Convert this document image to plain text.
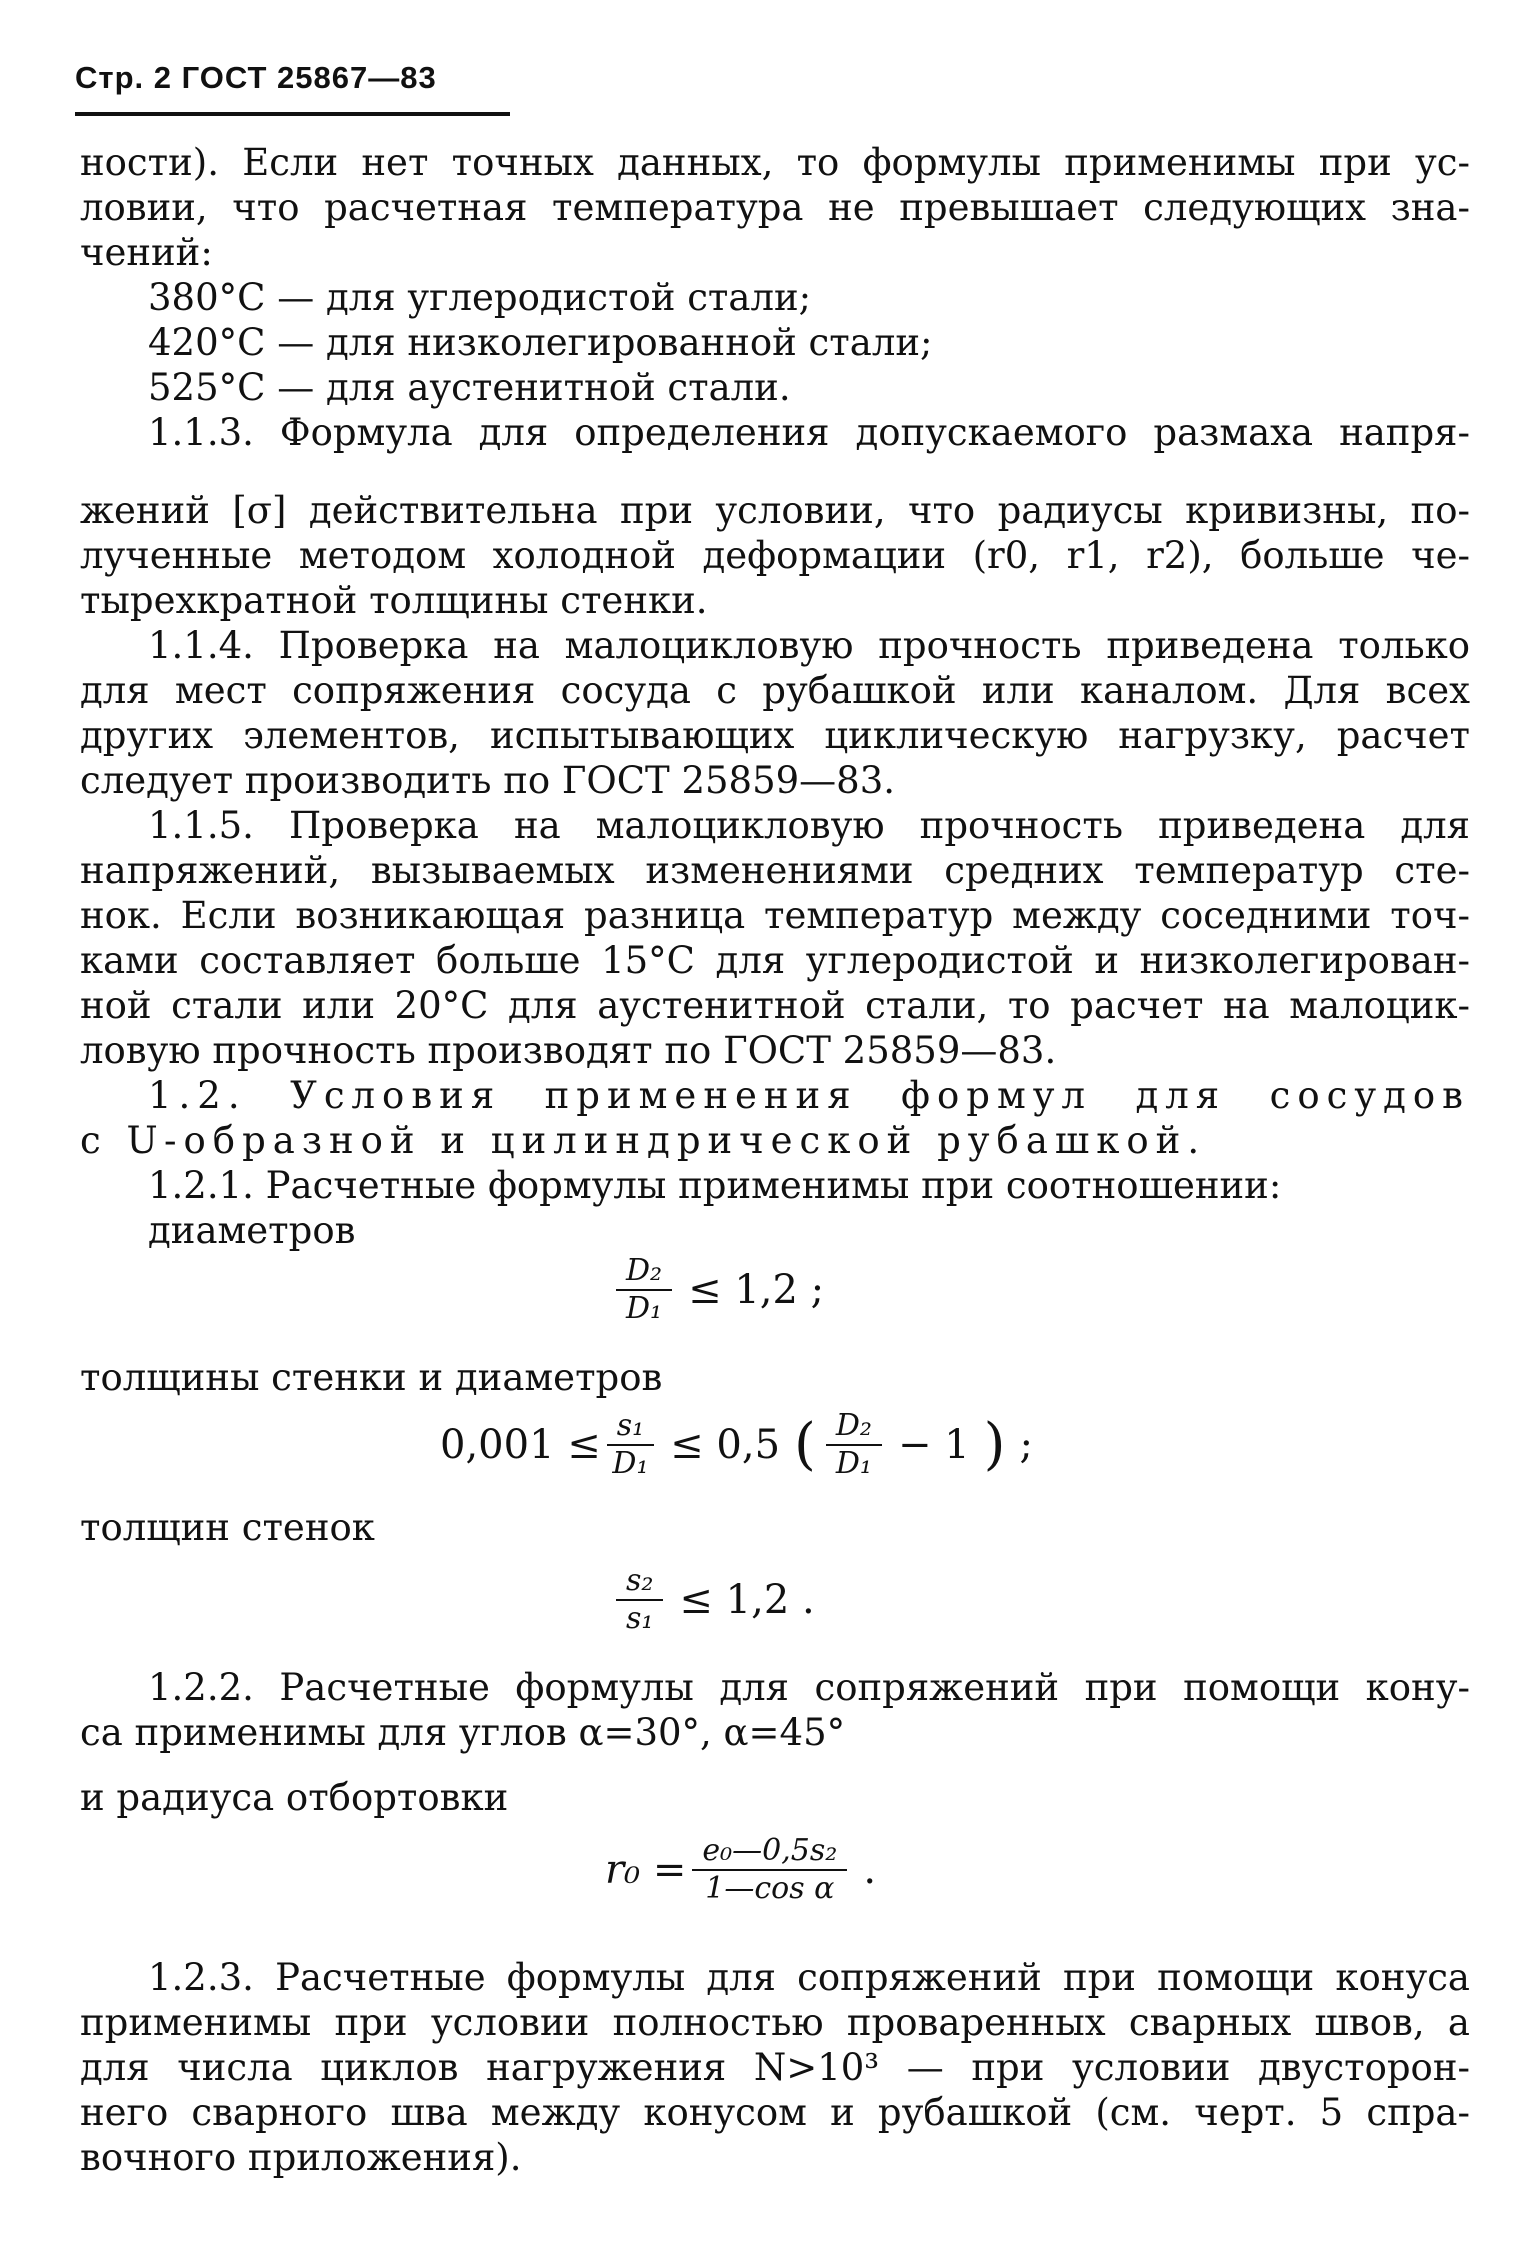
Стр. 2 ГОСТ 25867—83
ности). Если нет точных данных, то формулы применимы при ус-
ловии, что расчетная температура не превышает следующих зна-
чений:
380°С — для углеродистой стали;
420°С — для низколегированной стали;
525°С — для аустенитной стали.
1.1.3. Формула для определения допускаемого размаха напря-
жений [σ] действительна при условии, что радиусы кривизны, по-
лученные методом холодной деформации (r0, r1, r2), больше че-
тырехкратной толщины стенки.
1.1.4. Проверка на малоцикловую прочность приведена только
для мест сопряжения сосуда с рубашкой или каналом. Для всех
других элементов, испытывающих циклическую нагрузку, расчет
следует производить по ГОСТ 25859—83.
1.1.5. Проверка на малоцикловую прочность приведена для
напряжений, вызываемых изменениями средних температур сте-
нок. Если возникающая разница температур между соседними точ-
ками составляет больше 15°С для углеродистой и низколегирован-
ной стали или 20°С для аустенитной стали, то расчет на малоцик-
ловую прочность производят по ГОСТ 25859—83.
1.2. Условия применения формул для сосудов
с U-образной и цилиндрической рубашкой.
1.2.1. Расчетные формулы применимы при соотношении:
диаметров
$\frac{\text{D₂}}{\text{D₁}} \le 1,2$ ;
толщины стенки и диаметров
$0,001 \le \frac{\text{s₁}}{\text{D₁}} \le 0,5$ ( $\frac{\text{D₂}}{\text{D₁}} - 1$ ) ;
толщин стенок
$\frac{\text{s₂}}{\text{s₁}} \le 1,2$ .
1.2.2. Расчетные формулы для сопряжений при помощи кону-
са применимы для углов α=30°, α=45°
и радиуса отбортовки
$r_0 = \frac{\text{e₀—0,5s₂}}{\text{1—cos α}}$ .
1.2.3. Расчетные формулы для сопряжений при помощи конуса
применимы при условии полностью проваренных сварных швов, а
для числа циклов нагружения N>10³ — при условии двусторон-
него сварного шва между конусом и рубашкой (см. черт. 5 спра-
вочного приложения).
